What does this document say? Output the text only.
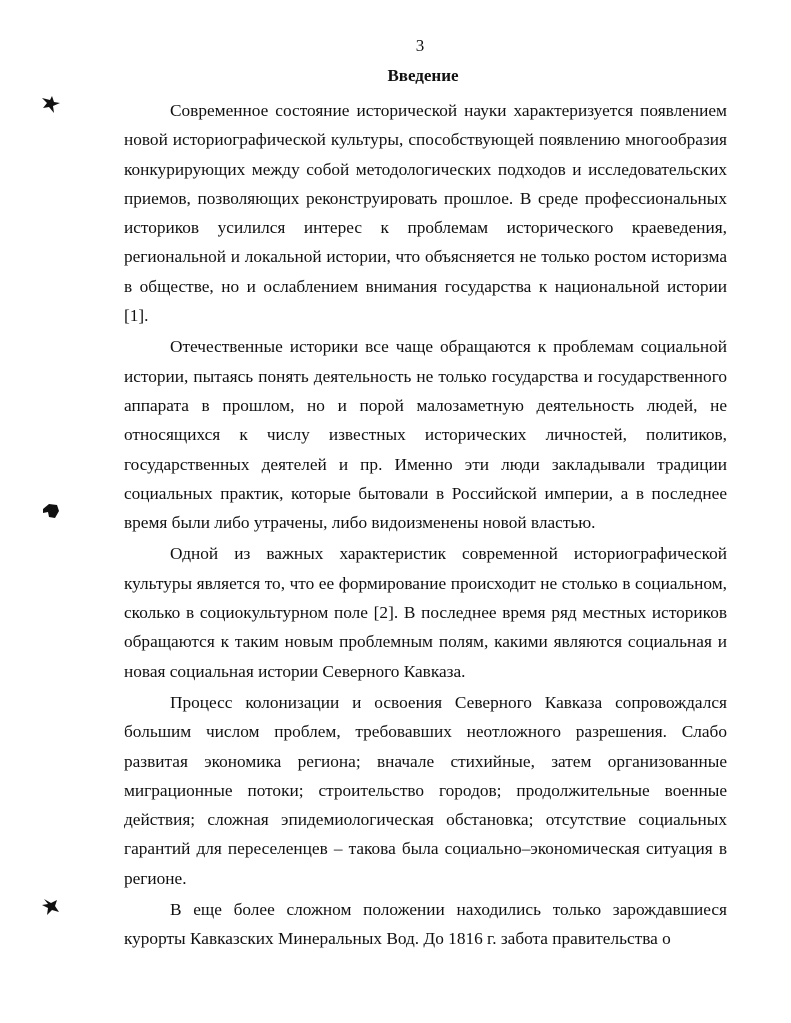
3
Введение

Современное состояние исторической науки характеризуется появлением новой историографической культуры, способствующей появлению многообразия конкурирующих между собой методологических подходов и исследовательских приемов, позволяющих реконструировать прошлое. В среде профессиональных историков усилился интерес к проблемам исторического краеведения, региональной и локальной истории, что объясняется не только ростом историзма в обществе, но и ослаблением внимания государства к национальной истории [1].

Отечественные историки все чаще обращаются к проблемам социальной истории, пытаясь понять деятельность не только государства и государственного аппарата в прошлом, но и порой малозаметную деятельность людей, не относящихся к числу известных исторических личностей, политиков, государственных деятелей и пр. Именно эти люди закладывали традиции социальных практик, которые бытовали в Российской империи, а в последнее время были либо утрачены, либо видоизменены новой властью.

Одной из важных характеристик современной историографической культуры является то, что ее формирование происходит не столько в социальном, сколько в социокультурном поле [2]. В последнее время ряд местных историков обращаются к таким новым проблемным полям, какими являются социальная и новая социальная истории Северного Кавказа.

Процесс колонизации и освоения Северного Кавказа сопровождался большим числом проблем, требовавших неотложного разрешения. Слабо развитая экономика региона; вначале стихийные, затем организованные миграционные потоки; строительство городов; продолжительные военные действия; сложная эпидемиологическая обстановка; отсутствие социальных гарантий для переселенцев – такова была социально–экономическая ситуация в регионе.

В еще более сложном положении находились только зарождавшиеся курорты Кавказских Минеральных Вод. До 1816 г. забота правительства о
